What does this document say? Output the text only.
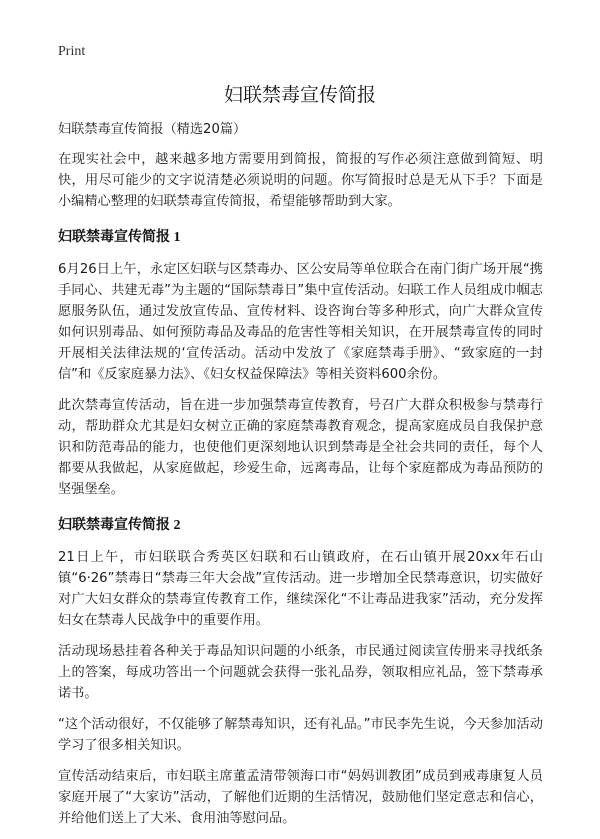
Print
妇联禁毒宣传简报

妇联禁毒宣传简报（精选20篇）

在现实社会中，越来越多地方需要用到简报，简报的写作必须注意做到简短、明快，用尽可能少的文字说清楚必须说明的问题。你写简报时总是无从下手？下面是小编精心整理的妇联禁毒宣传简报，希望能够帮助到大家。

妇联禁毒宣传简报 1

6月26日上午，永定区妇联与区禁毒办、区公安局等单位联合在南门街广场开展“携手同心、共建无毒”为主题的“国际禁毒日”集中宣传活动。妇联工作人员组成巾帼志愿服务队伍，通过发放宣传品、宣传材料、设咨询台等多种形式，向广大群众宣传如何识别毒品、如何预防毒品及毒品的危害性等相关知识，在开展禁毒宣传的同时开展相关法律法规的‘宣传活动。活动中发放了《家庭禁毒手册》、“致家庭的一封信”和《反家庭暴力法》、《妇女权益保障法》等相关资料600余份。

此次禁毒宣传活动，旨在进一步加强禁毒宣传教育，号召广大群众积极参与禁毒行动，帮助群众尤其是妇女树立正确的家庭禁毒教育观念，提高家庭成员自我保护意识和防范毒品的能力，也使他们更深刻地认识到禁毒是全社会共同的责任，每个人都要从我做起，从家庭做起，珍爱生命，远离毒品，让每个家庭都成为毒品预防的坚强堡垒。

妇联禁毒宣传简报 2

21日上午，市妇联联合秀英区妇联和石山镇政府，在石山镇开展20xx年石山镇“6·26”禁毒日“禁毒三年大会战”宣传活动。进一步增加全民禁毒意识，切实做好对广大妇女群众的禁毒宣传教育工作，继续深化“不让毒品进我家”活动，充分发挥妇女在禁毒人民战争中的重要作用。

活动现场悬挂着各种关于毒品知识问题的小纸条，市民通过阅读宣传册来寻找纸条上的答案，每成功答出一个问题就会获得一张礼品券，领取相应礼品，签下禁毒承诺书。

“这个活动很好，不仅能够了解禁毒知识，还有礼品。”市民李先生说，今天参加活动学习了很多相关知识。

宣传活动结束后，市妇联主席董孟清带领海口市“妈妈训教团”成员到戒毒康复人员家庭开展了“大家访”活动，了解他们近期的生活情况，鼓励他们坚定意志和信心，并给他们送上了大米、食用油等慰问品。
